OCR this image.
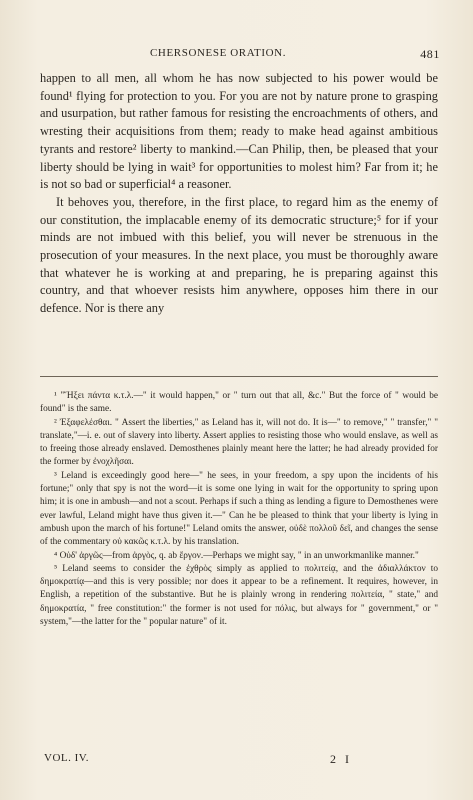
CHERSONESE ORATION.	481

happen to all men, all whom he has now subjected to his power would be found¹ flying for protection to you. For you are not by nature prone to grasping and usurpation, but rather famous for resisting the encroachments of others, and wresting their acquisitions from them; ready to make head against ambitious tyrants and restore² liberty to mankind.—Can Philip, then, be pleased that your liberty should be lying in wait³ for opportunities to molest him? Far from it; he is not so bad or superficial⁴ a reasoner.

It behoves you, therefore, in the first place, to regard him as the enemy of our constitution, the implacable enemy of its democratic structure;⁵ for if your minds are not imbued with this belief, you will never be strenuous in the prosecution of your measures. In the next place, you must be thoroughly aware that whatever he is working at and preparing, he is preparing against this country, and that whoever resists him anywhere, opposes him there in our defence. Nor is there any

¹ "Ἥξει πάντα κ.τ.λ.—" it would happen," or " turn out that all, &c." But the force of " would be found" is the same.

² Ἐξαφελέσθαι. " Assert the liberties," as Leland has it, will not do. It is—" to remove," " transfer," " translate,"—i. e. out of slavery into liberty. Assert applies to resisting those who would enslave, as well as to freeing those already enslaved. Demosthenes plainly meant here the latter; he had already provided for the former by ἐνοχλῆσαι.

³ Leland is exceedingly good here—" he sees, in your freedom, a spy upon the incidents of his fortune;" only that spy is not the word—it is some one lying in wait for the opportunity to spring upon him; it is one in ambush—and not a scout. Perhaps if such a thing as lending a figure to Demosthenes were ever lawful, Leland might have thus given it.—" Can he be pleased to think that your liberty is lying in ambush upon the march of his fortune!" Leland omits the answer, οὐδὲ πολλοῦ δεῖ, and changes the sense of the commentary οὐ κακῶς κ.τ.λ. by his translation.

⁴ Οὐδ' ἀργῶς—from ἀργὸς, q. ab ἔργον.—Perhaps we might say, " in an unworkmanlike manner."

⁵ Leland seems to consider the ἐχθρὸς simply as applied to πολιτείᾳ, and the ἀδιαλλάκτον to δημοκρατίᾳ—and this is very possible; nor does it appear to be a refinement. It requires, however, in English, a repetition of the substantive. But he is plainly wrong in rendering πολιτεία, " state," and δημοκρατία, " free constitution:" the former is not used for πόλις, but always for " government," or " system,"—the latter for the " popular nature" of it.

VOL. IV.	2 I
